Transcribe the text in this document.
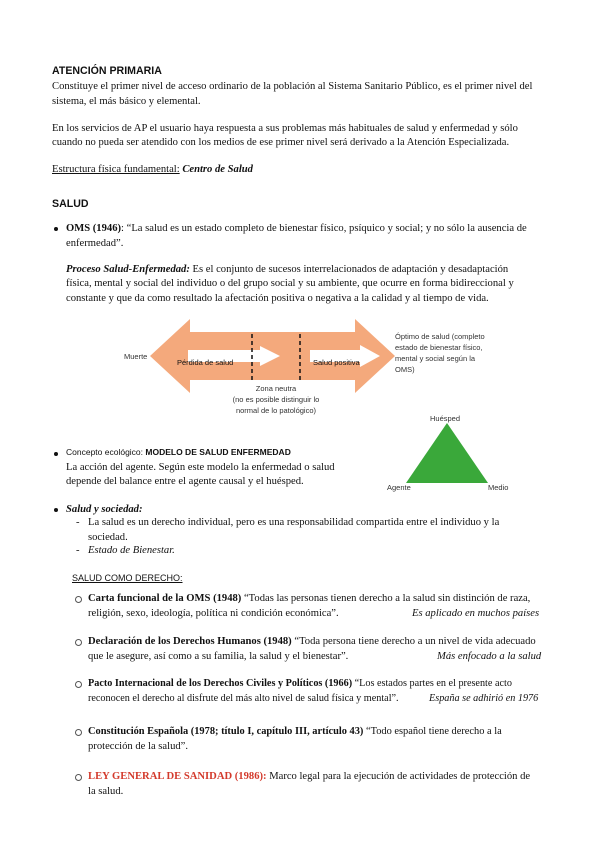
ATENCIÓN PRIMARIA
Constituye el primer nivel de acceso ordinario de la población al Sistema Sanitario Público, es el primer nivel del
sistema, el más básico y elemental.
En los servicios de AP el usuario haya respuesta a sus problemas más habituales de salud y enfermedad y sólo
cuando no pueda ser atendido con los medios de ese primer nivel será derivado a la Atención Especializada.
Estructura física fundamental: Centro de Salud
SALUD
OMS (1946): “La salud es un estado completo de bienestar físico, psíquico y social; y no sólo la ausencia de
enfermedad”.
Proceso Salud-Enfermedad: Es el conjunto de sucesos interrelacionados de adaptación y desadaptación
física, mental y social del individuo o del grupo social y su ambiente, que ocurre en forma bidireccional y
constante y que da como resultado la afectación positiva o negativa a la calidad y al tiempo de vida.
Pérdida de salud	Salud positiva
Muerte
Óptimo de salud (completo
estado de bienestar físico,
mental y social según la
OMS)
Zona neutra
(no es posible distinguir lo
normal de lo patológico)
Huésped
Agente	Medio
Concepto ecológico: MODELO DE SALUD ENFERMEDAD
La acción del agente. Según este modelo la enfermedad o salud
depende del balance entre el agente causal y el huésped.
Salud y sociedad:
- La salud es un derecho individual, pero es una responsabilidad compartida entre el individuo y la
sociedad.
- Estado de Bienestar.
SALUD COMO DERECHO:
Carta funcional de la OMS (1948) “Todas las personas tienen derecho a la salud sin distinción de raza,
religión, sexo, ideología, política ni condición económica”.	Es aplicado en muchos países
Declaración de los Derechos Humanos (1948) “Toda persona tiene derecho a un nivel de vida adecuado
que le asegure, así como a su familia, la salud y el bienestar”.	Más enfocado a la salud
Pacto Internacional de los Derechos Civiles y Políticos (1966) “Los estados partes en el presente acto
reconocen el derecho al disfrute del más alto nivel de salud física y mental”.	España se adhirió en 1976
Constitución Española (1978; título I, capítulo III, artículo 43) “Todo español tiene derecho a la
protección de la salud”.
LEY GENERAL DE SANIDAD (1986): Marco legal para la ejecución de actividades de protección de
la salud.
